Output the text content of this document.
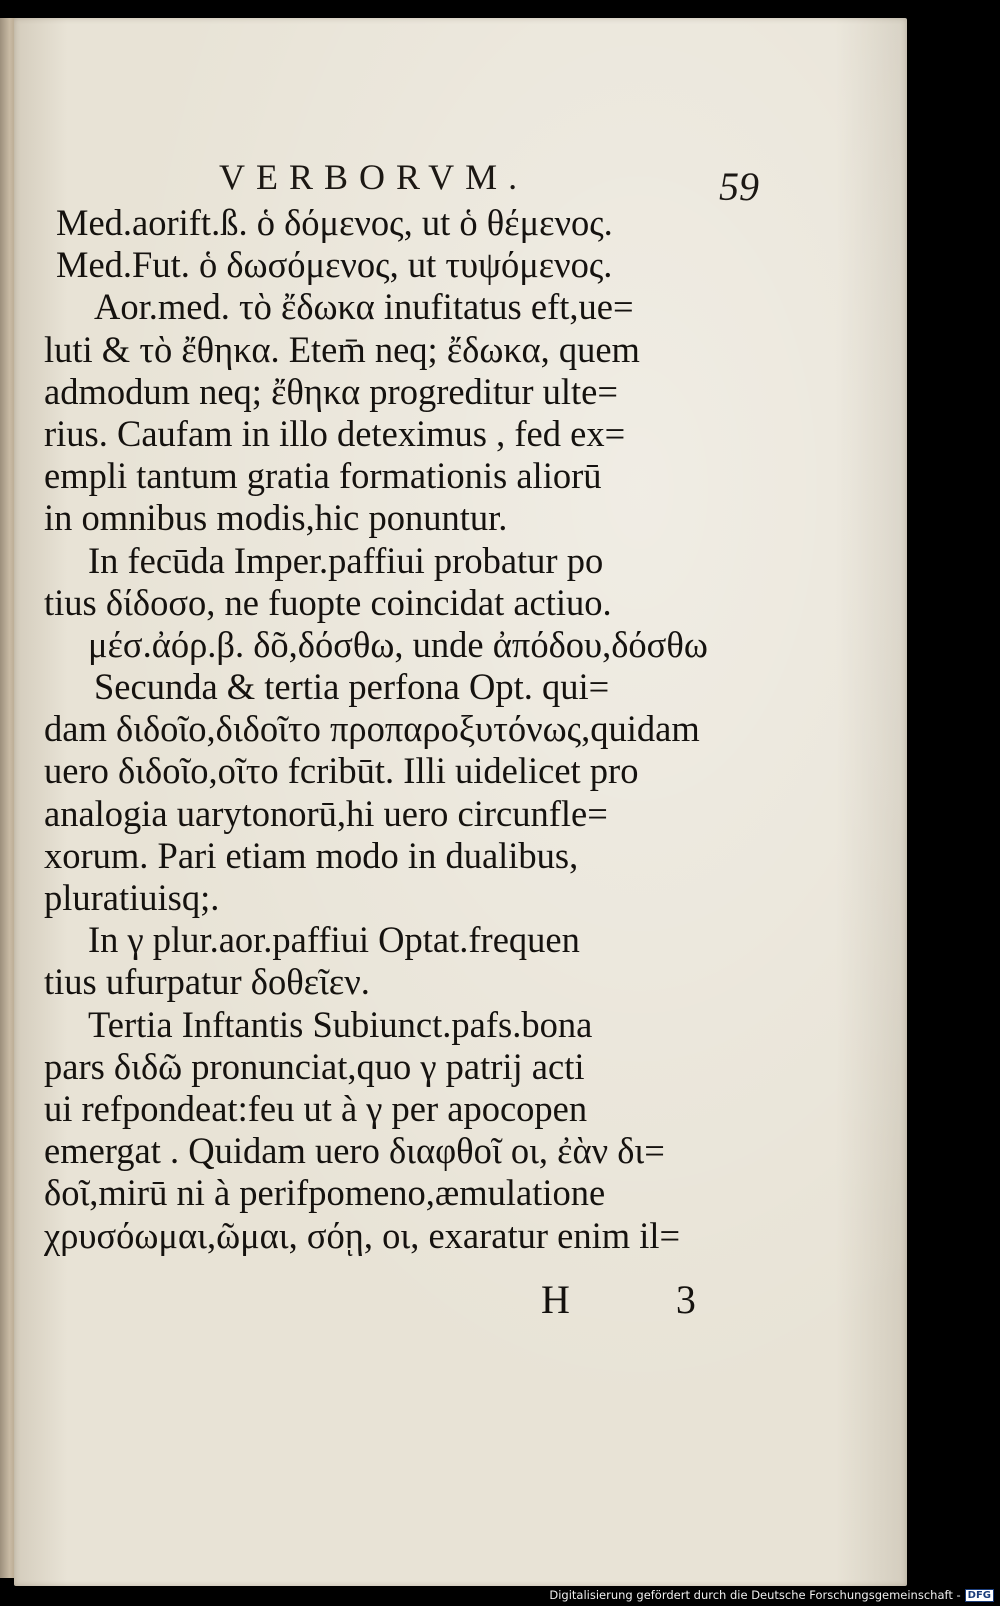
VERBORVM.	59
Med.aorift.ß. ὁ δόμενος, ut ὁ θέμενος.
Med.Fut. ὁ δωσόμενος, ut τυψόμενος.
Aor.med. τὸ ἔδωκα inufitatus eft,ue=
luti & τὸ ἔθηκα. Etem̄ neq; ἔδωκα, quem
admodum neq; ἔθηκα progreditur ulte=
rius. Caufam in illo deteximus , fed ex=
empli tantum gratia formationis aliorū
in omnibus modis,hic ponuntur.
In fecūda Imper.paffiui probatur po
tius δίδοσο, ne fuopte coincidat actiuo.
μέσ.ἀόρ.β. δõ,δόσθω, unde ἀπόδου,δόσθω
Secunda & tertia perfona Opt. qui=
dam διδοῖο,διδοῖτο προπαροξυτόνως,quidam
uero διδοῖο,οῖτο fcribūt. Illi uidelicet pro
analogia uarytonorū,hi uero circunfle=
xorum. Pari etiam modo in dualibus,
pluratiuisq;.
In γ plur.aor.paffiui Optat.frequen
tius ufurpatur δοθεῖεν.
Tertia Inftantis Subiunct.pafs.bona
pars διδῶ pronunciat,quo γ patrij acti
ui refpondeat:feu ut à γ per apocopen
emergat . Quidam uero διαφθοῖ οι, ἐὰν δι=
δοῖ,mirū ni à perifpomeno,æmulatione
χρυσόωμαι,ῶμαι, σόῃ, οι, exaratur enim il=
H 3
Digitalisierung gefördert durch die Deutsche Forschungsgemeinschaft - DFG
